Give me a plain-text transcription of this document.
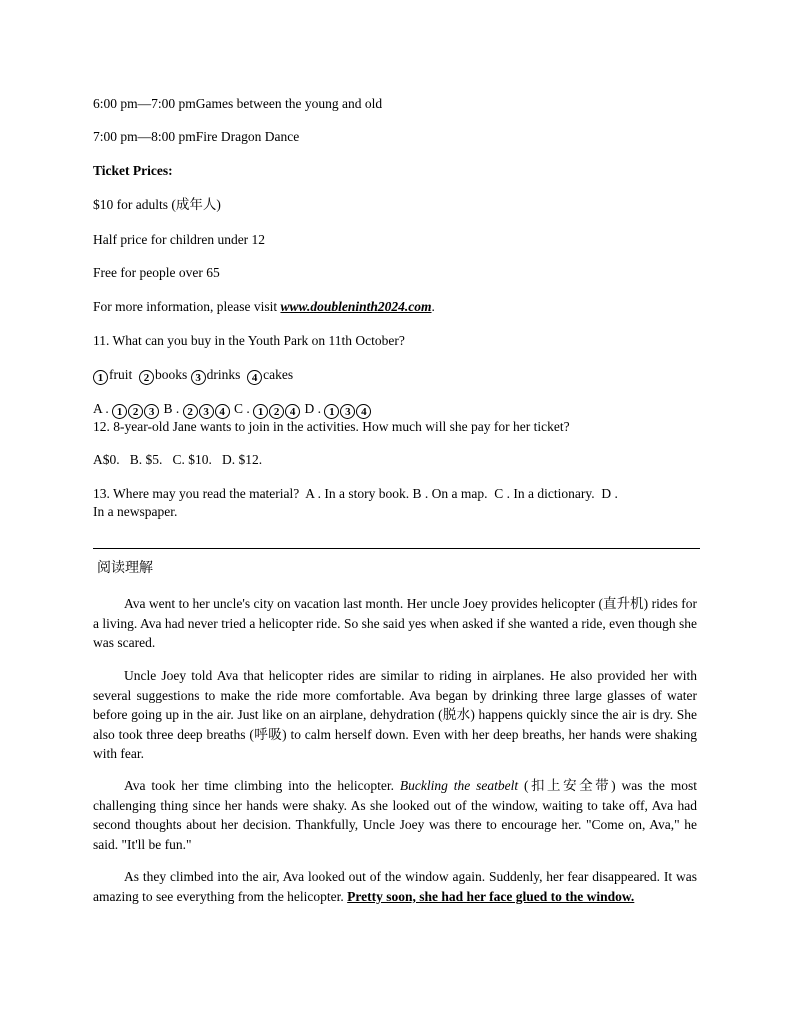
6:00 pm—7:00 pmGames between the young and old
7:00 pm—8:00 pmFire Dragon Dance
Ticket Prices:
$10 for adults (成年人)
Half price for children under 12
Free for people over 65
For more information, please visit www.doubleninth2024.com.
11. What can you buy in the Youth Park on 11th October?
1 fruit 2 books 3 drinks 4 cakes
A . 1 2 3 B . 2 3 4 C . 1 2 4 D . 1 3 4
12. 8-year-old Jane wants to join in the activities. How much will she pay for her ticket?
A$0.   B. $5.   C. $10.   D. $12.
13. Where may you read the material?  A . In a story book. B . On a map.  C . In a dictionary.  D .
In a newspaper.
阅读理解

Ava went to her uncle's city on vacation last month. Her uncle Joey provides helicopter (直升机) rides for a living. Ava had never tried a helicopter ride. So she said yes when asked if she wanted a ride, even though she was scared.

Uncle Joey told Ava that helicopter rides are similar to riding in airplanes. He also provided her with several suggestions to make the ride more comfortable. Ava began by drinking three large glasses of water before going up in the air. Just like on an airplane, dehydration (脱水) happens quickly since the air is dry. She also took three deep breaths (呼吸) to calm herself down. Even with her deep breaths, her hands were shaking with fear.

Ava took her time climbing into the helicopter. Buckling the seatbelt (扣上安全带) was the most challenging thing since her hands were shaky. As she looked out of the window, waiting to take off, Ava had second thoughts about her decision. Thankfully, Uncle Joey was there to encourage her. "Come on, Ava," he said. "It'll be fun."

As they climbed into the air, Ava looked out of the window again. Suddenly, her fear disappeared. It was amazing to see everything from the helicopter. Pretty soon, she had her face glued to the window.
